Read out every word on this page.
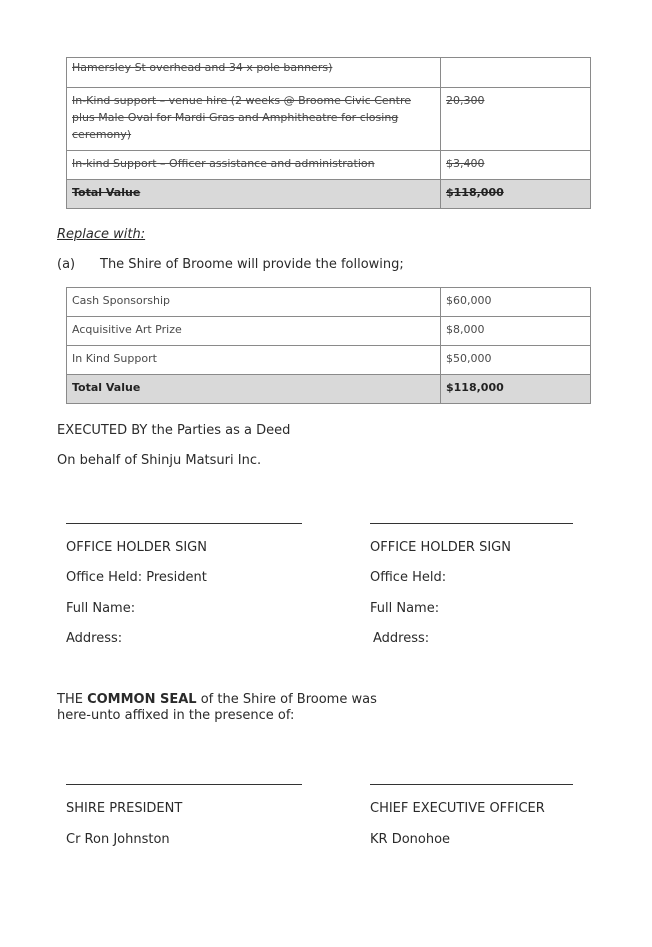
Hamersley St overhead and 34 x pole banners)	
In-Kind support – venue hire (2 weeks @ Broome Civic Centre plus Male Oval for Mardi Gras and Amphitheatre for closing ceremony)	20,300
In-kind Support – Officer assistance and administration	$3,400
Total Value	$118,000
Replace with:
(a) The Shire of Broome will provide the following;
Cash Sponsorship	$60,000
Acquisitive Art Prize	$8,000
In Kind Support	$50,000
Total Value	$118,000
EXECUTED BY the Parties as a Deed
On behalf of Shinju Matsuri Inc.
OFFICE HOLDER SIGN
Office Held: President
Full Name:
Address:
OFFICE HOLDER SIGN
Office Held:
Full Name:
Address:
THE COMMON SEAL of the Shire of Broome was
here-unto affixed in the presence of:
SHIRE PRESIDENT
Cr Ron Johnston
CHIEF EXECUTIVE OFFICER
KR Donohoe
